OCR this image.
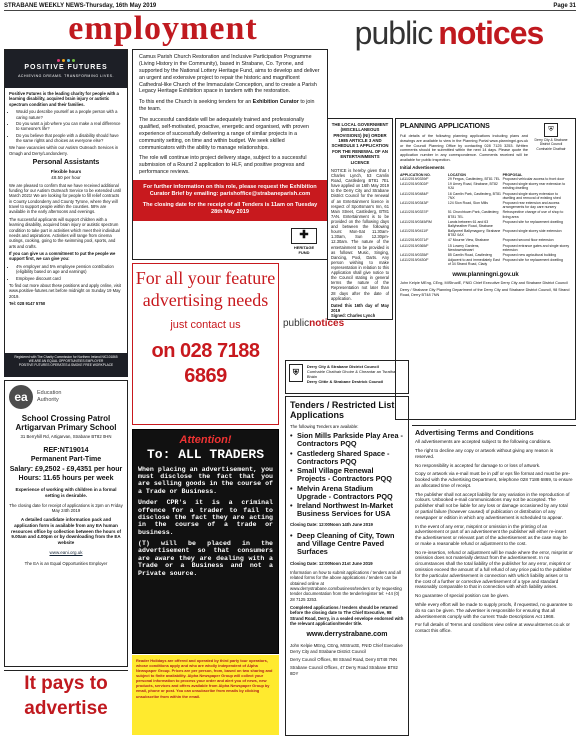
STRABANE WEEKLY NEWS-Thursday, 16th May 2019	Page 31
employment	public notices
POSITIVE FUTURES
ACHIEVING DREAMS. TRANSFORMING LIVES.

Positive Futures is the leading charity for people with a learning disability, acquired brain injury or autistic spectrum condition and their families.

• Would you describe yourself as a people person with a caring nature?
• Do you want a job where you can make a real difference to someone's life?
• Do you believe that people with a disability should have the same rights and choices as everyone else?

We have vacancies within our Autism Outreach Services in Omagh and Derry/Londonderry.

Personal Assistants
Flexible hours
£8.50 per hour

We are pleased to confirm that we have received additional funding for our Autism Outreach Service to be extended until March 2021! We are looking for people to fill relief contracts in County Londonderry and County Tyrone, where they will travel to support people within the counties. 58% are available in the early afternoons and evenings.

The successful applicants will support children with a learning disability, acquired brain injury or autistic spectrum condition to take part in activities which meet their individual needs and aspirations. Activities will range from cinema outings, cooking, going to the swimming pool, sports, and arts and crafts.

If you can give us a commitment to put the people we support first, we can give you:

• 4% employer and 5% employee pension contribution (eligibility based on age and earnings)
• Employee discount card

To find out more about these positions and apply online, visit www.positive-futures.net before midnight on Sunday 19 May 2019.

Tel: 028 9147 5750

Registered with The Charity Commission for Northern Ireland NIC101865
WE ARE AN EQUAL OPPORTUNITIES EMPLOYER
POSITIVE FUTURES OPERATES A SMOKE FREE WORKPLACE
ea	Education
Authority
School Crossing Patrol Artigarvan Primary School
31 Berryhill Rd, Artigarvan, Strabane BT82 0HN
REF:NT19014
Permanent Part-Time
Salary: £9,2502 - £9,4351 per hour
Hours: 11.65 hours per week
Experience of working with children in a formal setting is desirable.
The closing date for receipt of applications is 2pm on Friday May 24th 2019
A detailed candidate information pack and application form is available from any EA human resources office by collection between the hours of 9.00am and 4.00pm or by downloading from the EA website
www.eani.org.uk
The EA is an Equal Opportunities Employer
It pays to
advertise

Camus Parish Church Restoration and Inclusive Participation Programme (Living History in the Community), based in Strabane, Co. Tyrone, and supported by the National Lottery Heritage Fund, aims to develop and deliver an urgent and extensive project to repair the historic and magnificent Cathedral-like Church of the Immaculate Conception, and to create a Parish Legacy Heritage Exhibition space in tandem with the restoration.

To this end the Church is seeking tenders for an Exhibition Curator to join the team.

The successful candidate will be adequately trained and professionally qualified, self-motivated, proactive, energetic and organised, with proven experience of successfully delivering a range of similar projects in a community setting, on time and within budget. We seek skilled communicators with the ability to manage relationships.

The role will continue into project delivery stage, subject to a successful submission of a Round 2 application to HLF, and positive progress and performance reviews.

For further information on this role, please request the Exhibition Curator Brief by emailing: parishoffice@strabaneparish.com

The closing date for the receipt of all Tenders is 11am on Tuesday 28th May 2019

✚
HERITAGE
FUND
For all your feature
advertising needs
just contact us
on 028 7188 6869
publicnotices
Attention!
To: ALL TRADERS

When placing an advertisement, you must disclose the fact that you are selling goods in the course of a Trade or Business.

Under CPR's it is a criminal offence for a trader to fail to disclose the fact they are acting in the course of a trade or business.

(T) will be placed in the advertisement so that consumers are aware they are dealing with a Trade or a Business and not a Private source.

Reader Holidays are offered and operated by third party tour operators, whose conditions apply and who are wholly independent of Alpha Newspaper Group. Prices are per person, from, based on two sharing and subject to finite availability. Alpha Newspaper Group will collect your personal information to process your order and alert you of news, new products, services and offers available from Alpha Newspaper Group by email, phone or post. You can unsubscribe from emails by clicking unsubscribe from within the email.
THE LOCAL GOVERNMENT (MISCELLANEOUS PROVISIONS) (NI) ORDER 1985 ARTICLE 3 AND SCHEDULE 1 APPLICATION FOR THE RENEWAL OF AN ENTERTAINMENTS LICENCE

NOTICE is hereby given that I Charles Lynch, 53 Camlin Road, Castlederg BT81 7EL have applied on 16th May 2019 to the Derry City and Strabane District Council for the renewal of an Entertainment licence in respect of Sportsman's Inn, 61 Main Street, Castlederg, BT81 7AN. Entertainment is to be provided on the following days and between the following hours: Mon-Sat 11.30am-1.30am, Sun 12.30pm-12.30am. The nature of the entertainment to be provided is as follows: Music, Singing, Dancing, Pool, Darts. Any person wishing to make representation in relation to this Application shall give notice to the Council stating in general terms the nature of the Representation not later than 28 days after the date of application.

Dated this 16th day of May 2019

Signed: Charles Lynch

⛨
Derry City & Strabane District Council
Comhairle Chathair Dhoire & Cheantar an Tsratha Bháin
Derry Cittie & Strabane Destrick Council
Tenders / Restricted List Applications
The following Tenders are available:
• Sion Mills Parkside Play Area - Contractors PQQ
• Castlederg Shared Space - Contractors PQQ
• Small Village Renewal Projects - Contractors PQQ
• Melvin Arena Stadium Upgrade - Contractors PQQ
• Ireland Northwest In-Market Business Services for USA
Closing Date: 12:00Noon 14th June 2019
• Deep Cleaning of City, Town and Village Centre Paved Surfaces
Closing Date: 12:00Noon 21st June 2019

Information on how to submit applications / tenders and all related forms for the above applications / tenders can be obtained online at www.derrystrabane.com/business/tenders or by requesting tender documentation from the tender/register tel: +44 (0) 28 7125 3253.

Completed applications / tenders should be returned before the closing date to The Chief Executive, 98 Strand Road, Derry, in a sealed envelope endorsed with the relevant application/tender title.

www.derrystrabane.com

John Kelpie MEng, CEng, MIStructE, FNID Chief Executive Derry City and Strabane District Council

Derry Council Offices, 98 Strand Road, Derry BT48 7NN

Strabane Council Offices, 47 Derry Road Strabane BT82 8DY

PLANNING APPLICATIONS	⛨
Derry City & Strabane District Council
Comhairle Chathair
Full details of the following planning applications including plans and drawings are available to view in the Planning Portal www.planningni.gov.uk or the Council Planning Office by contacting 028 7125 3253. Written comments should be submitted within the next 14 days. Please quote the application number in any correspondence. Comments received will be available for public inspection.
Initial Advertisements
APPLICATION NO.	LOCATION	PROPOSAL
LA11/2019/0339/F	29 Fergus, Castlederg, BT81 7EL	Proposed vehicular access to front door
LA11/2019/0302/F	19 Urney Road, Strabane, BT82 9JU	Proposed single storey rear extension to existing dwelling
LA11/2019/0484/F	16 Camlin Park, Castlederg, BT81 7NX	Proposed single storey extension to dwelling and removal of existing shed
LA11/2019/0343/F	124 Sion Road, Sion Mills	Proposed rear extension and access arrangements for day care nursery
LA11/2019/0337/F	51 Churchtown Park, Castlederg BT81 7EL	Retrospective change of use of shop to living area
LA11/2019/0345/RM	Lands between 61 and 63 Ballyheather Road, Strabane	Proposed site for replacement dwelling
LA11/2019/0411/F	Ballycreel Ballymagorry, Strabane BT82 0AX	Proposed single storey side extension
LA11/2019/0371/F	47 Mourne View, Strabane	Proposed second floor extension
LA11/2019/0365/F	15 Lowery Gardens, Newtownstewart	Proposed entrance gates and single storey extension
LA11/2019/0335/F	85 Camlin Road, Castlederg	Proposed new agricultural building
LA11/2019/0430/F	Adjacent to and immediately East of 34 Strand Road, Clady	Proposed site for replacement dwelling
www.planningni.gov.uk
John Kelpie MEng, CEng, MIStructE, FNID Chief Executive Derry City and Strabane District Council
Derry / Strabane City Planning Department of the Derry City and Strabane District Council, 98 Strand Road, Derry BT48 7NN
Advertising Terms and Conditions

All advertisements are accepted subject to the following conditions.

The right to decline any copy or artwork without giving any reason is reserved.

No responsibility is accepted for damage to or loss of artwork.

Copy or artwork via e-mail must be in pdf or eps file format and must be pre-booked with the Advertising Department, telephone 028 7188 6869, to ensure an allocated time of receipt.

The publisher shall not accept liability for any variation in the reproduction of colours. Unbooked e-mail communications may not be accepted. The publisher shall not be liable for any loss or damage occasioned by any total or partial failure (however caused) of publication or distribution of any newspaper or edition in which any advertisement is scheduled to appear.

In the event of any error, misprint or omission in the printing of an advertisement or part of an advertisement the publisher will either re-insert the advertisement or relevant part of the advertisement as the case may be or make a reasonable refund or adjustment to the cost.

No re-insertion, refund or adjustment will be made where the error, misprint or omission does not materially detract from the advertisement. In no circumstances shall the total liability of the publisher for any error, misprint or omission exceed the amount of a full refund of any price paid to the publisher for the particular advertisement in connection with which liability arises or to the cost of a further or corrective advertisement of a type and standard reasonably comparable to that in connection with which liability arises.

No guarantee of special position can be given.

While every effort will be made to supply proofs, if requested, no guarantee to do so can be given. The advertiser is responsible for ensuring that all advertisements comply with the current Trade Descriptions Act 1968.

For full details of Terms and conditions view online at www.ulsternet.co.uk or contact this office.
